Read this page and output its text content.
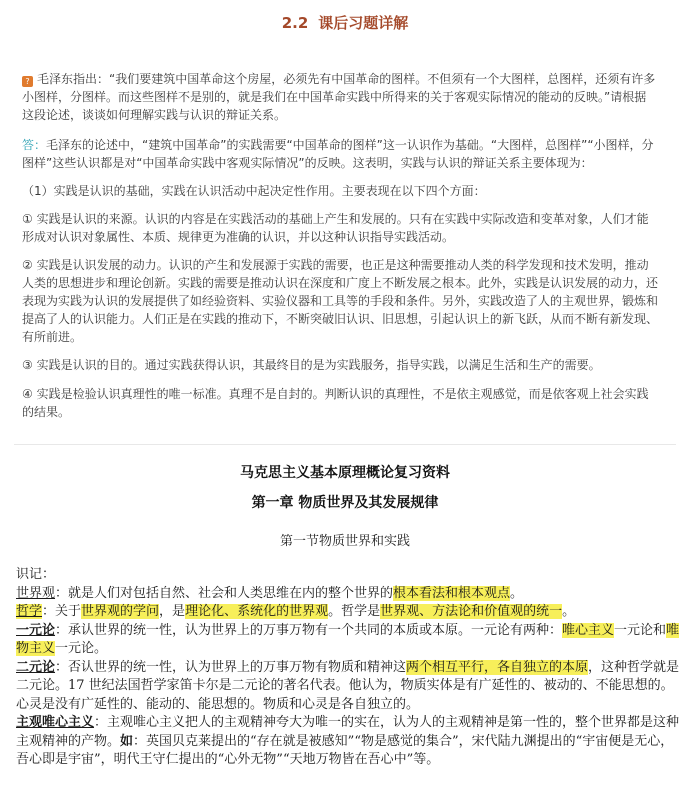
2.2 课后习题详解
? 毛泽东指出：“我们要建筑中国革命这个房屋，必须先有中国革命的图样。不但须有一个大图样，总图样，还须有许多小图样，分图样。而这些图样不是别的，就是我们在中国革命实践中所得来的关于客观实际情况的能动的反映。”请根据这段论述，谈谈如何理解实践与认识的辩证关系。
答：毛泽东的论述中，“建筑中国革命”的实践需要“中国革命的图样”这一认识作为基础。“大图样，总图样”“小图样，分图样”这些认识都是对“中国革命实践中客观实际情况”的反映。这表明，实践与认识的辩证关系主要体现为：
（1）实践是认识的基础，实践在认识活动中起决定性作用。主要表现在以下四个方面：
① 实践是认识的来源。认识的内容是在实践活动的基础上产生和发展的。只有在实践中实际改造和变革对象，人们才能形成对认识对象属性、本质、规律更为准确的认识，并以这种认识指导实践活动。
② 实践是认识发展的动力。认识的产生和发展源于实践的需要，也正是这种需要推动人类的科学发现和技术发明，推动人类的思想进步和理论创新。实践的需要是推动认识在深度和广度上不断发展之根本。此外，实践是认识发展的动力，还表现为实践为认识的发展提供了如经验资料、实验仪器和工具等的手段和条件。另外，实践改造了人的主观世界，锻炼和提高了人的认识能力。人们正是在实践的推动下，不断突破旧认识、旧思想，引起认识上的新飞跃，从而不断有新发现、有所前进。
③ 实践是认识的目的。通过实践获得认识，其最终目的是为实践服务，指导实践，以满足生活和生产的需要。
④ 实践是检验认识真理性的唯一标准。真理不是自封的。判断认识的真理性，不是依主观感觉，而是依客观上社会实践的结果。
马克思主义基本原理概论复习资料
第一章 物质世界及其发展规律
第一节物质世界和实践
识记：
世界观：就是人们对包括自然、社会和人类思维在内的整个世界的根本看法和根本观点。
哲学：关于世界观的学问，是理论化、系统化的世界观。哲学是世界观、方法论和价值观的统一。
一元论：承认世界的统一性，认为世界上的万事万物有一个共同的本质或本原。一元论有两种：唯心主义一元论和唯物主义一元论。
二元论：否认世界的统一性，认为世界上的万事万物有物质和精神这两个相互平行，各自独立的本原，这种哲学就是二元论。17 世纪法国哲学家笛卡尔是二元论的著名代表。他认为，物质实体是有广延性的、被动的、不能思想的。心灵是没有广延性的、能动的、能思想的。物质和心灵是各自独立的。
主观唯心主义：主观唯心主义把人的主观精神夸大为唯一的实在，认为人的主观精神是第一性的，整个世界都是这种主观精神的产物。如：英国贝克莱提出的“存在就是被感知”“物是感觉的集合”，宋代陆九渊提出的“宇宙便是无心，吾心即是宇宙”，明代王守仁提出的“心外无物”“天地万物皆在吾心中”等。
